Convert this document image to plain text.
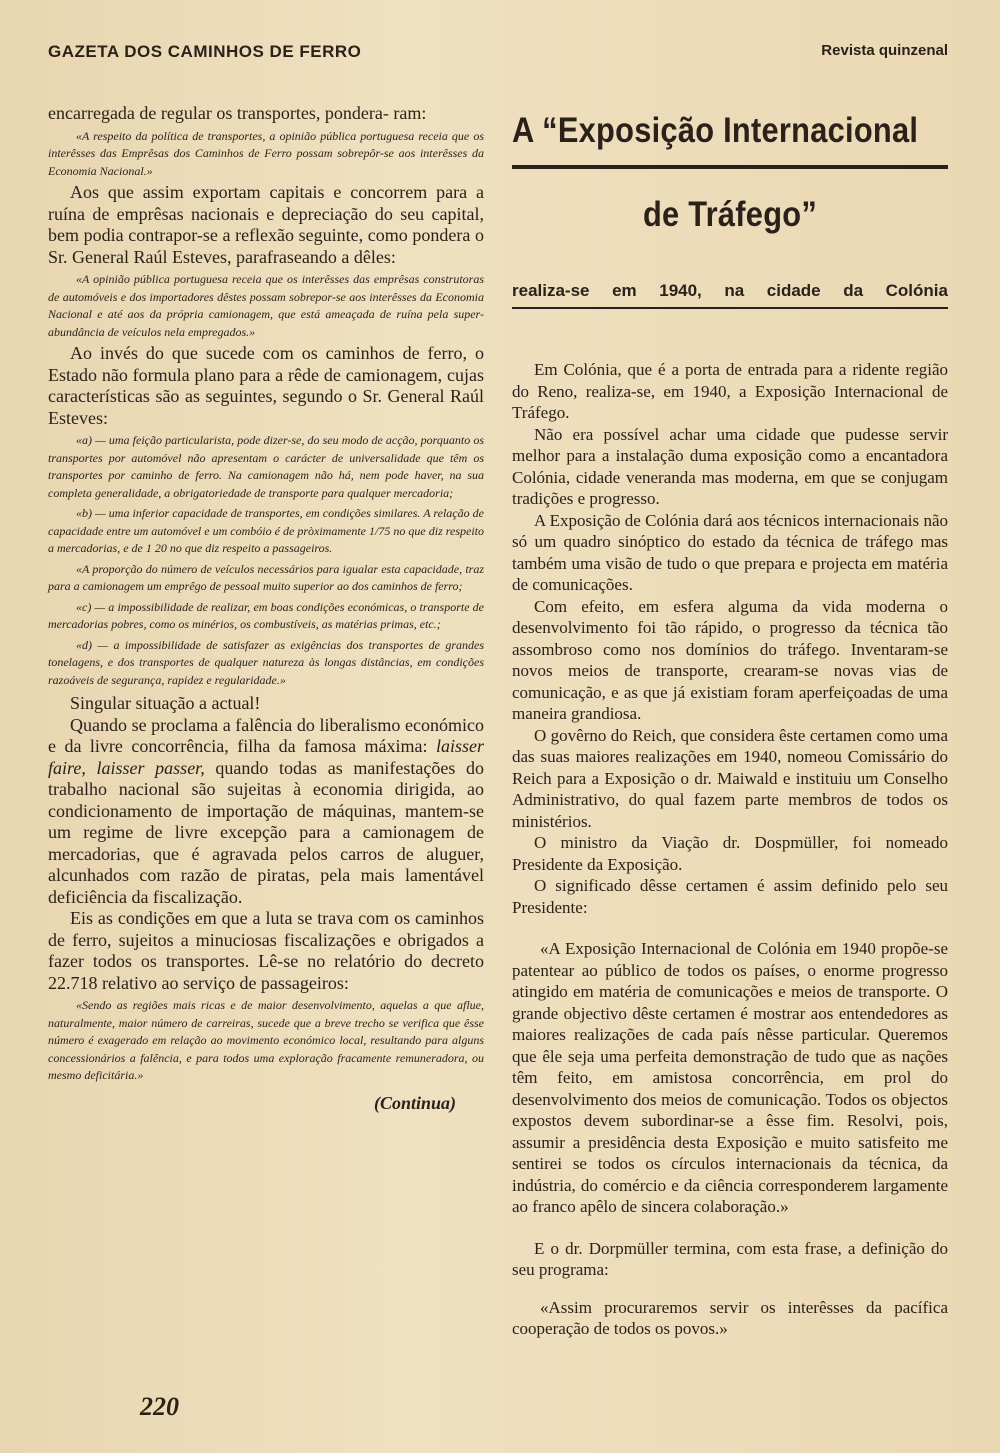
GAZETA DOS CAMINHOS DE FERRO	Revista quinzenal

encarregada de regular os transportes, pondera- ram:

«A respeito da política de transportes, a opinião pública portuguesa receia que os interêsses das Emprêsas dos Caminhos de Ferro possam sobrepôr-se aos interêsses da Economia Nacional.»

Aos que assim exportam capitais e concorrem para a ruína de emprêsas nacionais e depreciação do seu capital, bem podia contrapor-se a reflexão seguinte, como pondera o Sr. General Raúl Esteves, parafraseando a dêles:

«A opinião pública portuguesa receia que os interêsses das emprêsas construtoras de automóveis e dos importadores dêstes possam sobrepor-se aos interêsses da Economia Nacional e até aos da própria camionagem, que está ameaçada de ruína pela super-abundância de veículos nela empregados.»

Ao invés do que sucede com os caminhos de ferro, o Estado não formula plano para a rêde de camionagem, cujas características são as seguintes, segundo o Sr. General Raúl Esteves:

«a) — uma feição particularista, pode dizer-se, do seu modo de acção, porquanto os transportes por automóvel não apresentam o carácter de universalidade que têm os transportes por caminho de ferro. Na camionagem não há, nem pode haver, na sua completa generalidade, a obrigatoriedade de transporte para qualquer mercadoria;

«b) — uma inferior capacidade de transportes, em condições similares. A relação de capacidade entre um automóvel e um combóio é de pròximamente 1/75 no que diz respeito a mercadorias, e de 1 20 no que diz respeito a passageiros.

«A proporção do número de veículos necessários para igualar esta capacidade, traz para a camionagem um emprêgo de pessoal muito superior ao dos caminhos de ferro;

«c) — a impossibilidade de realizar, em boas condições económicas, o transporte de mercadorias pobres, como os minérios, os combustíveis, as matérias primas, etc.;

«d) — a impossibilidade de satisfazer as exigências dos transportes de grandes tonelagens, e dos transportes de qualquer natureza às longas distâncias, em condições razoáveis de segurança, rapidez e regularidade.»

Singular situação a actual!

Quando se proclama a falência do liberalismo económico e da livre concorrência, filha da famosa máxima: laisser faire, laisser passer, quando todas as manifestações do trabalho nacional são sujeitas à economia dirigida, ao condicionamento de importação de máquinas, mantem-se um regime de livre excepção para a camionagem de mercadorias, que é agravada pelos carros de aluguer, alcunhados com razão de piratas, pela mais lamentável deficiência da fiscalização.

Eis as condições em que a luta se trava com os caminhos de ferro, sujeitos a minuciosas fiscalizações e obrigados a fazer todos os transportes. Lê-se no relatório do decreto 22.718 relativo ao serviço de passageiros:

«Sendo as regiões mais ricas e de maior desenvolvimento, aquelas a que aflue, naturalmente, maior número de carreiras, sucede que a breve trecho se verifica que êsse número é exagerado em relação ao movimento económico local, resultando para alguns concessionários a falência, e para todos uma exploração fracamente remuneradora, ou mesmo deficitária.»

(Continua)
A “Exposição Internacional
de Tráfego”
realiza-se em 1940, na cidade da Colónia

Em Colónia, que é a porta de entrada para a ridente região do Reno, realiza-se, em 1940, a Exposição Internacional de Tráfego.

Não era possível achar uma cidade que pudesse servir melhor para a instalação duma exposição como a encantadora Colónia, cidade veneranda mas moderna, em que se conjugam tradições e progresso.

A Exposição de Colónia dará aos técnicos internacionais não só um quadro sinóptico do estado da técnica de tráfego mas também uma visão de tudo o que prepara e projecta em matéria de comunicações.

Com efeito, em esfera alguma da vida moderna o desenvolvimento foi tão rápido, o progresso da técnica tão assombroso como nos domínios do tráfego. Inventaram-se novos meios de transporte, crearam-se novas vias de comunicação, e as que já existiam foram aperfeiçoadas de uma maneira grandiosa.

O govêrno do Reich, que considera êste certamen como uma das suas maiores realizações em 1940, nomeou Comissário do Reich para a Exposição o dr. Maiwald e instituiu um Conselho Administrativo, do qual fazem parte membros de todos os ministérios.

O ministro da Viação dr. Dospmüller, foi nomeado Presidente da Exposição.

O significado dêsse certamen é assim definido pelo seu Presidente:

«A Exposição Internacional de Colónia em 1940 propõe-se patentear ao público de todos os países, o enorme progresso atingido em matéria de comunicações e meios de transporte. O grande objectivo dêste certamen é mostrar aos entendedores as maiores realizações de cada país nêsse particular. Queremos que êle seja uma perfeita demonstração de tudo que as nações têm feito, em amistosa concorrência, em prol do desenvolvimento dos meios de comunicação. Todos os objectos expostos devem subordinar-se a êsse fim. Resolvi, pois, assumir a presidência desta Exposição e muito satisfeito me sentirei se todos os círculos internacionais da técnica, da indústria, do comércio e da ciência corresponderem largamente ao franco apêlo de sincera colaboração.»

E o dr. Dorpmüller termina, com esta frase, a definição do seu programa:

«Assim procuraremos servir os interêsses da pacífica cooperação de todos os povos.»

220
